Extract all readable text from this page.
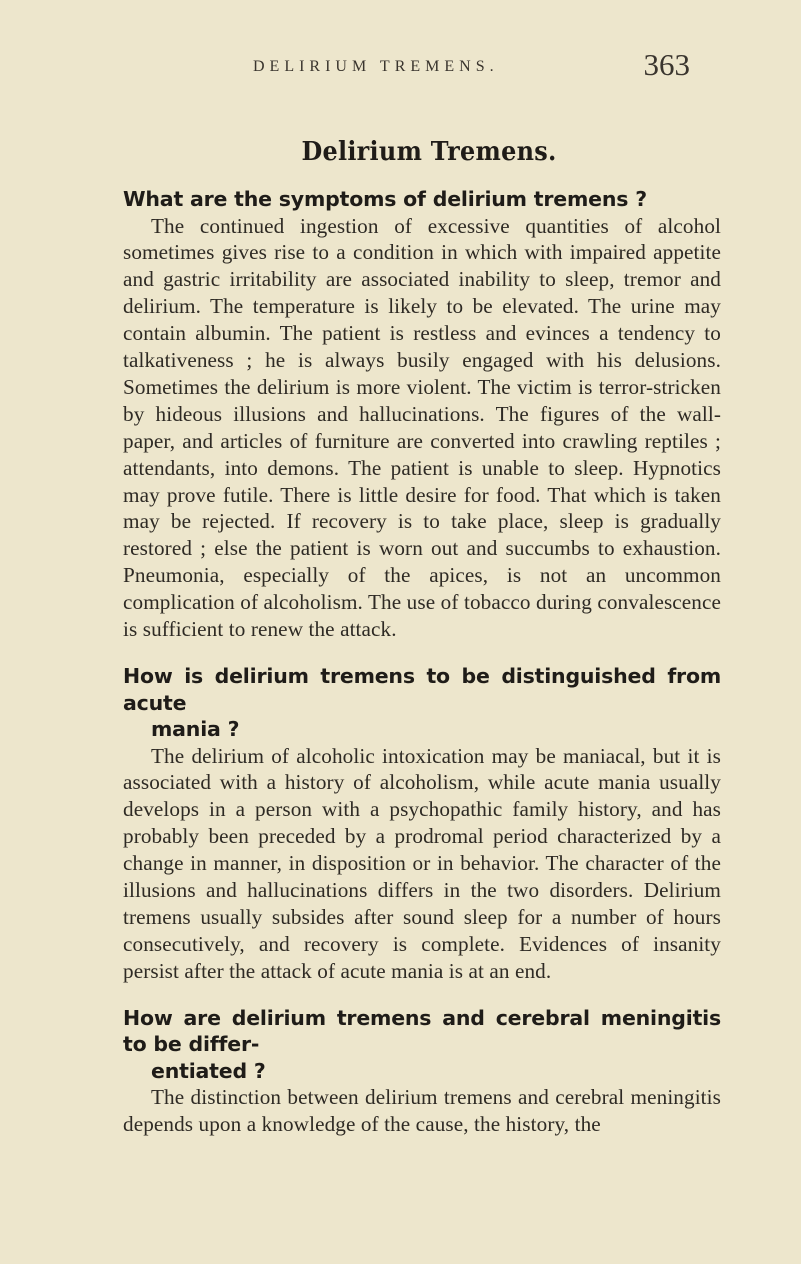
DELIRIUM TREMENS.	363
Delirium Tremens.

What are the symptoms of delirium tremens ?

The continued ingestion of excessive quantities of alcohol sometimes gives rise to a condition in which with impaired appetite and gastric irritability are associated inability to sleep, tremor and delirium. The temperature is likely to be elevated. The urine may contain albumin. The patient is restless and evinces a tendency to talkativeness ; he is always busily engaged with his delusions. Sometimes the delirium is more violent. The victim is terror-stricken by hideous illusions and hallucinations. The figures of the wall-paper, and articles of furniture are converted into crawling reptiles ; attendants, into demons. The patient is unable to sleep. Hypnotics may prove futile. There is little desire for food. That which is taken may be rejected. If recovery is to take place, sleep is gradually restored ; else the patient is worn out and succumbs to exhaustion. Pneumonia, especially of the apices, is not an uncommon complication of alcoholism. The use of tobacco during convalescence is sufficient to renew the attack.

How is delirium tremens to be distinguished from acute
mania ?

The delirium of alcoholic intoxication may be maniacal, but it is associated with a history of alcoholism, while acute mania usually develops in a person with a psychopathic family history, and has probably been preceded by a prodromal period characterized by a change in manner, in disposition or in behavior. The character of the illusions and hallucinations differs in the two disorders. Delirium tremens usually subsides after sound sleep for a number of hours consecutively, and recovery is complete. Evidences of insanity persist after the attack of acute mania is at an end.

How are delirium tremens and cerebral meningitis to be differ-
entiated ?

The distinction between delirium tremens and cerebral meningitis depends upon a knowledge of the cause, the history, the
